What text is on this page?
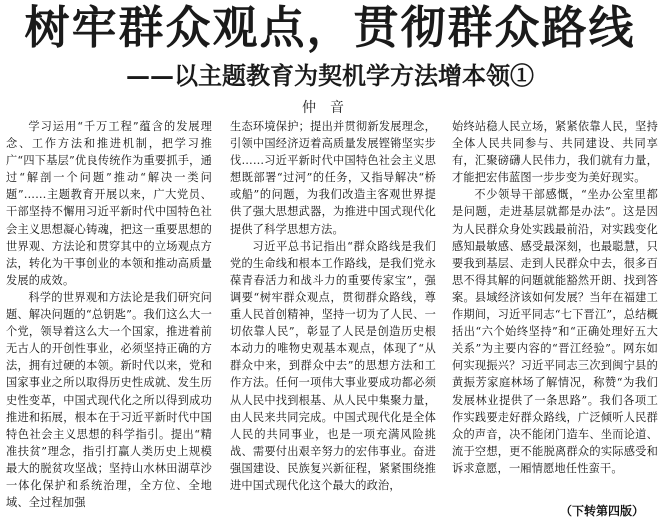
树牢群众观点，贯彻群众路线
——以主题教育为契机学方法增本领①
仲音

学习运用“千万工程”蕴含的发展理念、工作方法和推进机制，把学习推广“四下基层”优良传统作为重要抓手，通过“解剖一个问题”推动“解决一类问题”……主题教育开展以来，广大党员、干部坚持不懈用习近平新时代中国特色社会主义思想凝心铸魂，把这一重要思想的世界观、方法论和贯穿其中的立场观点方法，转化为干事创业的本领和推动高质量发展的成效。

科学的世界观和方法论是我们研究问题、解决问题的“总钥匙”。我们这么大一个党，领导着这么大一个国家，推进着前无古人的开创性事业，必须坚持正确的方法，拥有过硬的本领。新时代以来，党和国家事业之所以取得历史性成就、发生历史性变革，中国式现代化之所以得到成功推进和拓展，根本在于习近平新时代中国特色社会主义思想的科学指引。提出“精准扶贫”理念，指引打赢人类历史上规模最大的脱贫攻坚战；坚持山水林田湖草沙一体化保护和系统治理，全方位、全地域、全过程加强

生态环境保护；提出并贯彻新发展理念，引领中国经济迈着高质量发展铿锵坚实步伐……习近平新时代中国特色社会主义思想既部署“过河”的任务，又指导解决“桥或船”的问题，为我们改造主客观世界提供了强大思想武器，为推进中国式现代化提供了科学思想方法。

习近平总书记指出“群众路线是我们党的生命线和根本工作路线，是我们党永葆青春活力和战斗力的重要传家宝”，强调要“树牢群众观点，贯彻群众路线，尊重人民首创精神，坚持一切为了人民、一切依靠人民”，彰显了人民是创造历史根本动力的唯物史观基本观点，体现了“从群众中来，到群众中去”的思想方法和工作方法。任何一项伟大事业要成功都必须从人民中找到根基、从人民中集聚力量，由人民来共同完成。中国式现代化是全体人民的共同事业，也是一项充满风险挑战、需要付出艰辛努力的宏伟事业。奋进强国建设、民族复兴新征程，紧紧围绕推进中国式现代化这个最大的政治，

始终站稳人民立场，紧紧依靠人民，坚持全体人民共同参与、共同建设、共同享有，汇聚磅礴人民伟力，我们就有力量，才能把宏伟蓝图一步步变为美好现实。

不少领导干部感慨，“坐办公室里都是问题，走进基层就都是办法”。这是因为人民群众身处实践最前沿，对实践变化感知最敏感、感受最深刻，也最聪慧，只要我到基层、走到人民群众中去，很多百思不得其解的问题就能豁然开朗、找到答案。县域经济该如何发展？当年在福建工作期间，习近平同志“七下晋江”，总结概括出“六个始终坚持”和“正确处理好五大关系”为主要内容的“晋江经验”。网东如何实现振兴？习近平同志三次到闽宁县的黄振芳家庭林场了解情况，称赞“为我们发展林业提供了一条思路”。我们各项工作实践要走好群众路线，广泛倾听人民群众的声音，决不能闭门造车、坐而论道、流于空想，更不能脱离群众的实际感受和诉求意愿，一厢情愿地任性蛮干。

（下转第四版）
